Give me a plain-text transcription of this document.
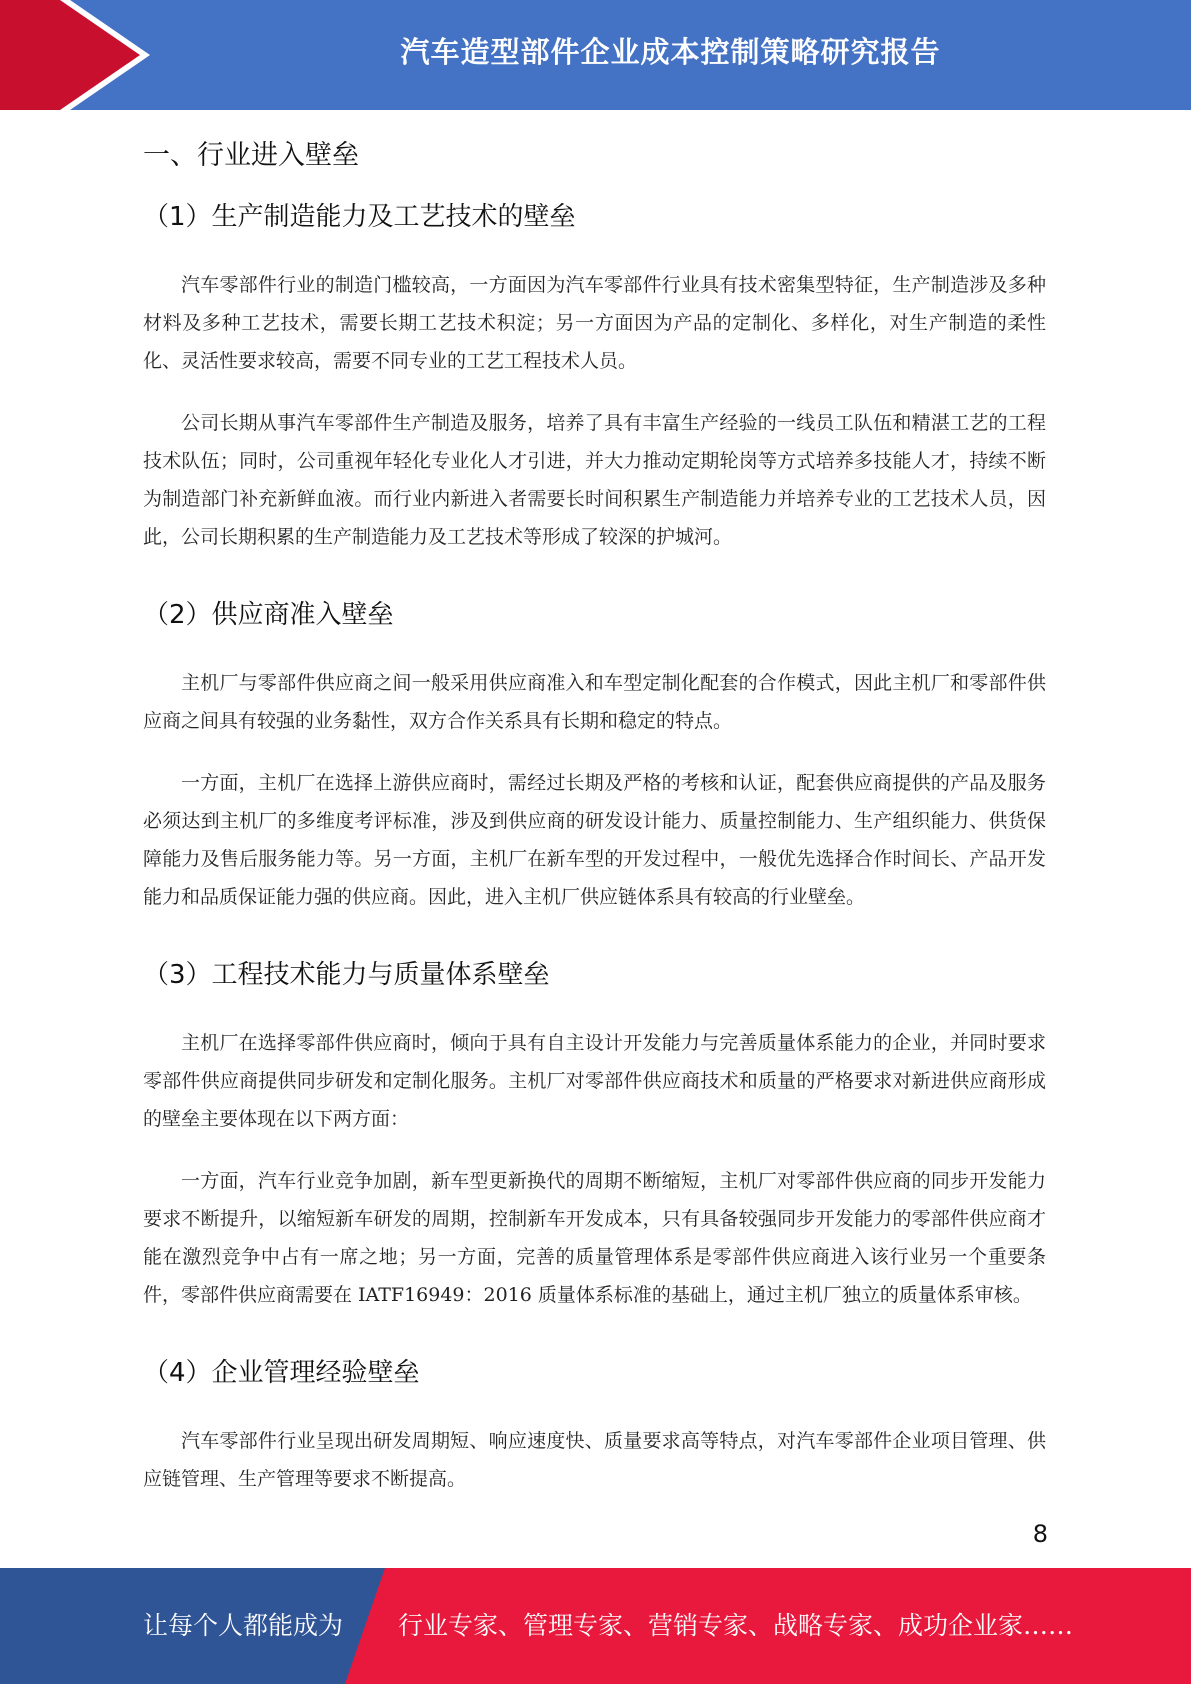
汽车造型部件企业成本控制策略研究报告
一、行业进入壁垒
（1）生产制造能力及工艺技术的壁垒

汽车零部件行业的制造门槛较高，一方面因为汽车零部件行业具有技术密集型特征，生产制造涉及多种材料及多种工艺技术，需要长期工艺技术积淀；另一方面因为产品的定制化、多样化，对生产制造的柔性化、灵活性要求较高，需要不同专业的工艺工程技术人员。

公司长期从事汽车零部件生产制造及服务，培养了具有丰富生产经验的一线员工队伍和精湛工艺的工程技术队伍；同时，公司重视年轻化专业化人才引进，并大力推动定期轮岗等方式培养多技能人才，持续不断为制造部门补充新鲜血液。而行业内新进入者需要长时间积累生产制造能力并培养专业的工艺技术人员，因此，公司长期积累的生产制造能力及工艺技术等形成了较深的护城河。

（2）供应商准入壁垒

主机厂与零部件供应商之间一般采用供应商准入和车型定制化配套的合作模式，因此主机厂和零部件供应商之间具有较强的业务黏性，双方合作关系具有长期和稳定的特点。

一方面，主机厂在选择上游供应商时，需经过长期及严格的考核和认证，配套供应商提供的产品及服务必须达到主机厂的多维度考评标准，涉及到供应商的研发设计能力、质量控制能力、生产组织能力、供货保障能力及售后服务能力等。另一方面，主机厂在新车型的开发过程中，一般优先选择合作时间长、产品开发能力和品质保证能力强的供应商。因此，进入主机厂供应链体系具有较高的行业壁垒。

（3）工程技术能力与质量体系壁垒

主机厂在选择零部件供应商时，倾向于具有自主设计开发能力与完善质量体系能力的企业，并同时要求零部件供应商提供同步研发和定制化服务。主机厂对零部件供应商技术和质量的严格要求对新进供应商形成的壁垒主要体现在以下两方面：

一方面，汽车行业竞争加剧，新车型更新换代的周期不断缩短，主机厂对零部件供应商的同步开发能力要求不断提升，以缩短新车研发的周期，控制新车开发成本，只有具备较强同步开发能力的零部件供应商才能在激烈竞争中占有一席之地；另一方面，完善的质量管理体系是零部件供应商进入该行业另一个重要条件，零部件供应商需要在 IATF16949：2016 质量体系标准的基础上，通过主机厂独立的质量体系审核。

（4）企业管理经验壁垒

汽车零部件行业呈现出研发周期短、响应速度快、质量要求高等特点，对汽车零部件企业项目管理、供应链管理、生产管理等要求不断提高。

8
让每个人都能成为 行业专家、管理专家、营销专家、战略专家、成功企业家……
